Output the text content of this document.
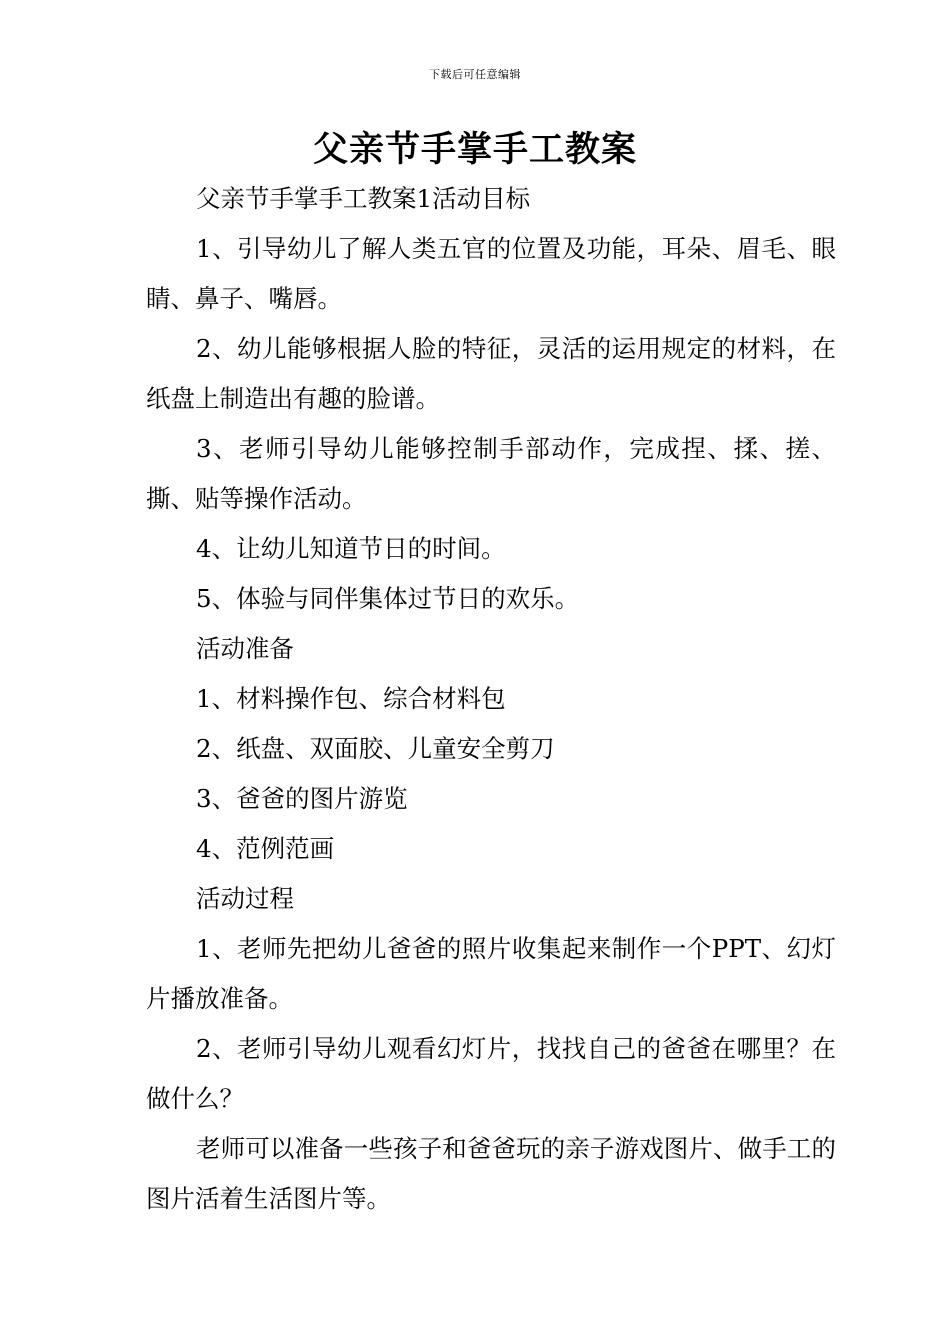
下载后可任意编辑
父亲节手掌手工教案

父亲节手掌手工教案1活动目标

1、引导幼儿了解人类五官的位置及功能，耳朵、眉毛、眼睛、鼻子、嘴唇。

2、幼儿能够根据人脸的特征，灵活的运用规定的材料，在纸盘上制造出有趣的脸谱。

3、老师引导幼儿能够控制手部动作，完成捏、揉、搓、撕、贴等操作活动。

4、让幼儿知道节日的时间。

5、体验与同伴集体过节日的欢乐。

活动准备

1、材料操作包、综合材料包

2、纸盘、双面胶、儿童安全剪刀

3、爸爸的图片游览

4、范例范画

活动过程

1、老师先把幼儿爸爸的照片收集起来制作一个PPT、幻灯片播放准备。

2、老师引导幼儿观看幻灯片，找找自己的爸爸在哪里？在做什么？

老师可以准备一些孩子和爸爸玩的亲子游戏图片、做手工的图片活着生活图片等。
